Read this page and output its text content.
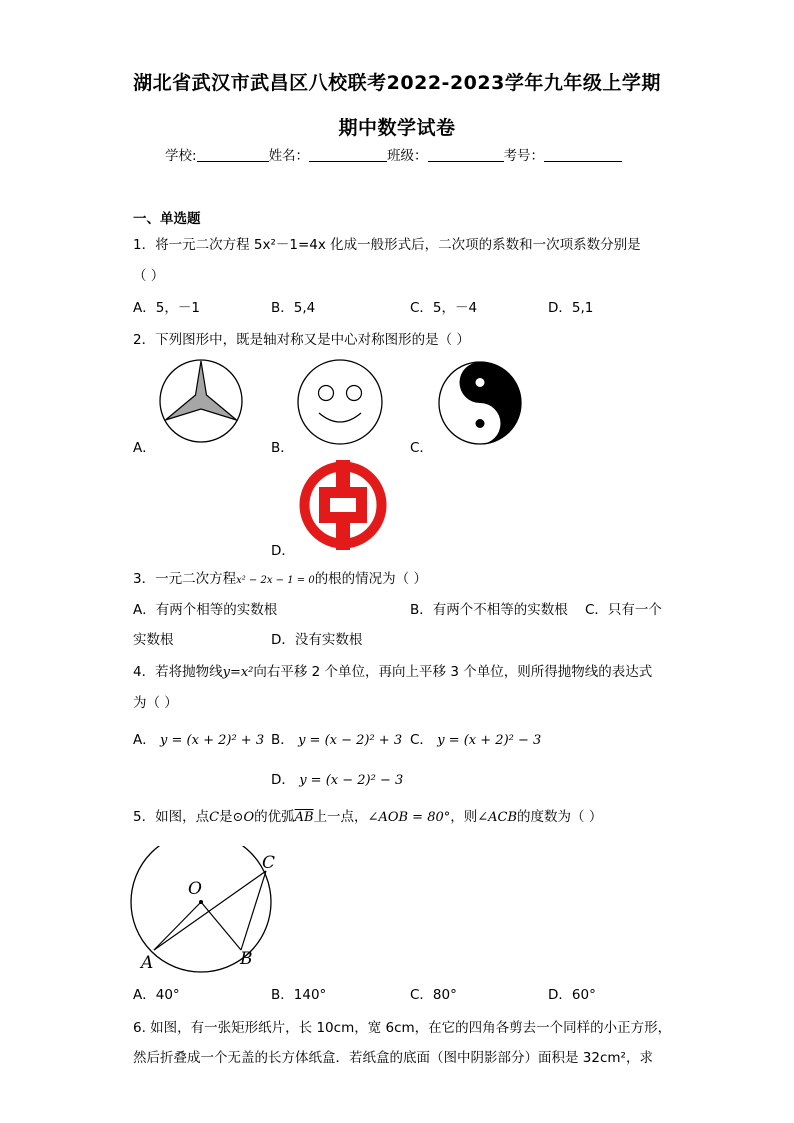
湖北省武汉市武昌区八校联考2022-2023学年九年级上学期
期中数学试卷
学校:	姓名：	班级：	考号：
一、单选题
1．将一元二次方程 5x²－1=4x 化成一般形式后，二次项的系数和一次项系数分别是
（ ）
A．5，－1	B．5,4	C．5，－4	D．5,1
2．下列图形中，既是轴对称又是中心对称图形的是（ ）
A．	B．	C．
D．
3．一元二次方程x² − 2x − 1 = 0的根的情况为（ ）
A．有两个相等的实数根	B．有两个不相等的实数根 C．只有一个
实数根	D．没有实数根
4．若将抛物线y=x²向右平移 2 个单位，再向上平移 3 个单位，则所得抛物线的表达式
为（ ）
A． y = (x + 2)² + 3 B． y = (x − 2)² + 3 C． y = (x + 2)² − 3
D． y = (x − 2)² − 3
5．如图，点C是⊙O的优弧$\overline{AB}$上一点，∠AOB = 80°，则∠ACB的度数为（ ）
O
A	B
C
A．40°	B．140°	C．80°	D．60°
6. 如图，有一张矩形纸片，长 10cm，宽 6cm，在它的四角各剪去一个同样的小正方形，
然后折叠成一个无盖的长方体纸盒．若纸盒的底面（图中阴影部分）面积是 32cm²，求
